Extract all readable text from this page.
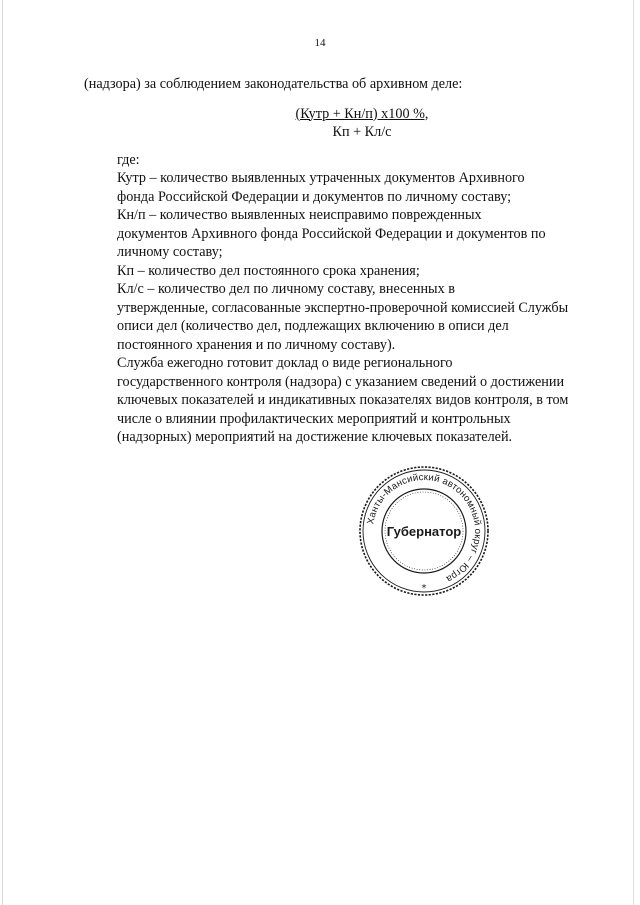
14

(надзора) за соблюдением законодательства об архивном деле:

(Кутр + Кн/п) х100 %,
Кп + Кл/с

где:

Кутр – количество выявленных утраченных документов Архивного
фонда Российской Федерации и документов по личному составу;

Кн/п – количество выявленных неисправимо поврежденных
документов Архивного фонда Российской Федерации и документов по
личному составу;

Кп – количество дел постоянного срока хранения;

Кл/с – количество дел по личному составу, внесенных в
утвержденные, согласованные экспертно-проверочной комиссией Службы
описи дел (количество дел, подлежащих включению в описи дел
постоянного хранения и по личному составу).

Служба ежегодно готовит доклад о виде регионального
государственного контроля (надзора) с указанием сведений о достижении
ключевых показателей и индикативных показателях видов контроля, в том
числе о влиянии профилактических мероприятий и контрольных
(надзорных) мероприятий на достижение ключевых показателей.

Ханты-Мансийский автономный округ – Югра
Губернатор
*
